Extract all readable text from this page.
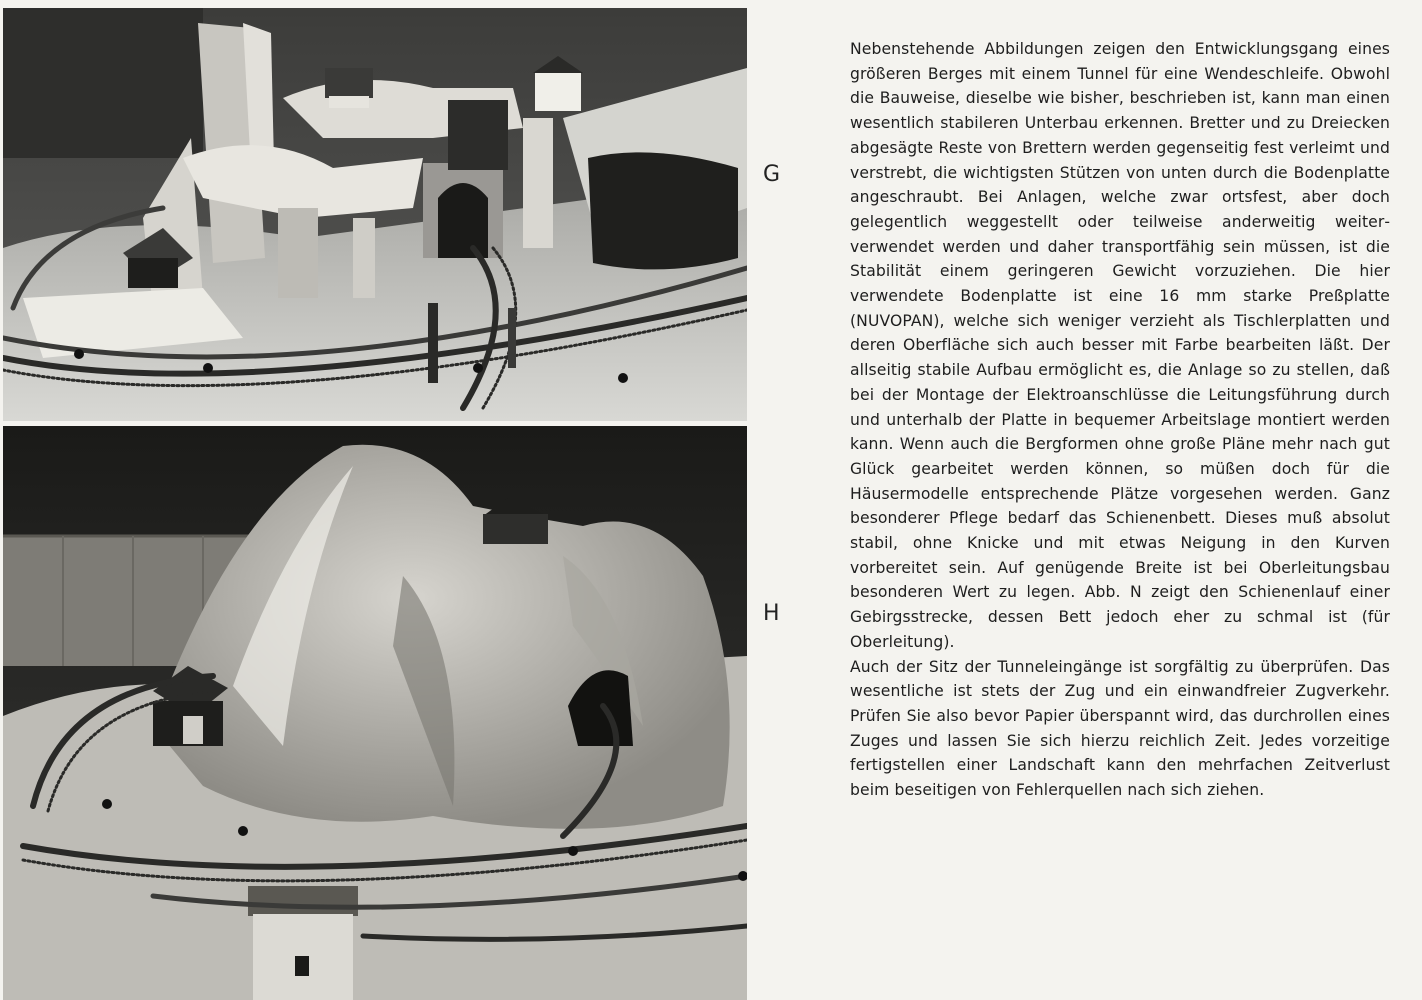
G
H

Nebenstehende Abbildungen zeigen den Entwicklungsgang eines größeren Berges mit einem Tunnel für eine Wendeschleife. Obwohl die Bauweise, dieselbe wie bisher, beschrieben ist, kann man einen wesentlich stabileren Unterbau erkennen. Bretter und zu Dreiecken abgesägte Reste von Brettern werden gegenseitig fest verleimt und verstrebt, die wichtigsten Stützen von unten durch die Bodenplatte angeschraubt. Bei Anlagen, welche zwar ortsfest, aber doch gelegentlich weggestellt oder teilweise anderweitig weiterverwendet werden und daher transportfähig sein müssen, ist die Stabilität einem geringeren Gewicht vorzuziehen. Die hier verwendete Bodenplatte ist eine 16 mm starke Preßplatte (NUVOPAN), welche sich weniger verzieht als Tischlerplatten und deren Oberfläche sich auch besser mit Farbe bearbeiten läßt. Der allseitig stabile Aufbau ermöglicht es, die Anlage so zu stellen, daß bei der Montage der Elektroanschlüsse die Leitungsführung durch und unterhalb der Platte in bequemer Arbeitslage montiert werden kann. Wenn auch die Bergformen ohne große Pläne mehr nach gut Glück gearbeitet werden können, so müßen doch für die Häusermodelle entsprechende Plätze vorgesehen werden. Ganz besonderer Pflege bedarf das Schienenbett. Dieses muß absolut stabil, ohne Knicke und mit etwas Neigung in den Kurven vorbereitet sein. Auf genügende Breite ist bei Oberleitungsbau besonderen Wert zu legen. Abb. N zeigt den Schienenlauf einer Gebirgsstrecke, dessen Bett jedoch eher zu schmal ist (für Oberleitung).

Auch der Sitz der Tunneleingänge ist sorgfältig zu überprüfen. Das wesentliche ist stets der Zug und ein einwandfreier Zugverkehr. Prüfen Sie also bevor Papier überspannt wird, das durchrollen eines Zuges und lassen Sie sich hierzu reichlich Zeit. Jedes vorzeitige fertigstellen einer Landschaft kann den mehrfachen Zeitverlust beim beseitigen von Fehlerquellen nach sich ziehen.
